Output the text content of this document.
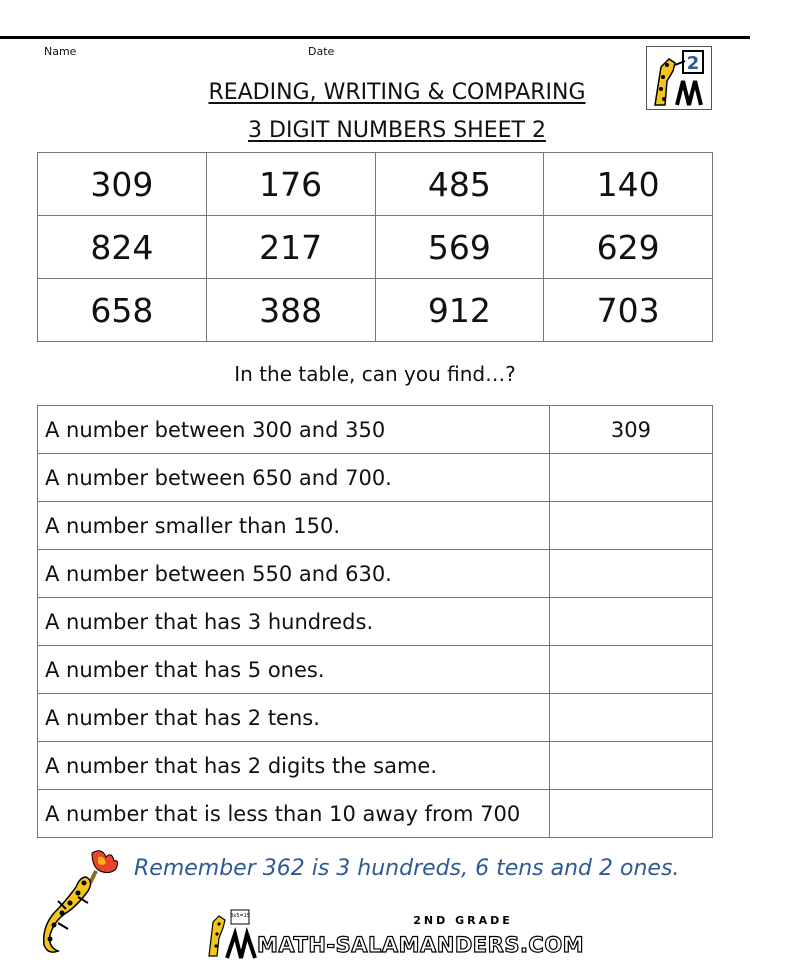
Name	Date
2
READING, WRITING & COMPARING
3 DIGIT NUMBERS SHEET 2
309	176	485	140
824	217	569	629
658	388	912	703
In the table, can you find…?
A number between 300 and 350	309
A number between 650 and 700.	
A number smaller than 150.	
A number between 550 and 630.	
A number that has 3 hundreds.	
A number that has 5 ones.	
A number that has 2 tens.	
A number that has 2 digits the same.	
A number that is less than 10 away from 700	
Remember 362 is 3 hundreds, 6 tens and 2 ones.
3x5=15	2ND GRADE
MATH-SALAMANDERS.COM
